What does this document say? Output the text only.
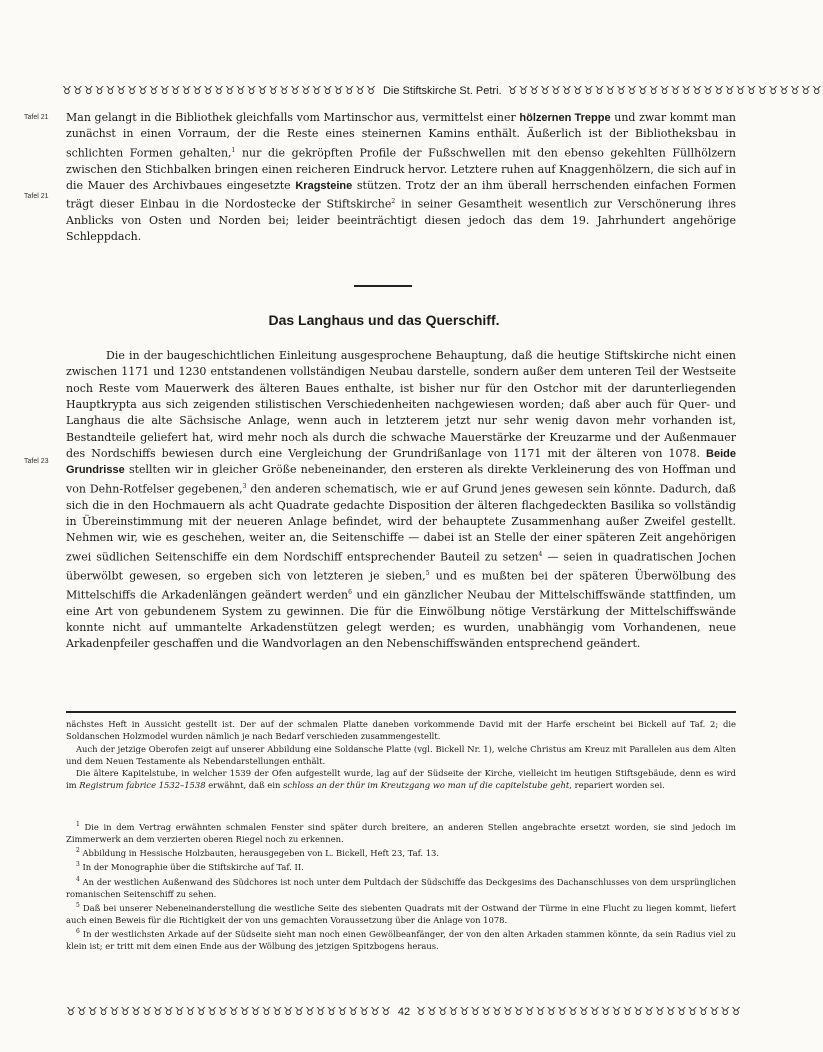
♉♉♉♉♉♉♉♉♉♉♉♉♉♉♉♉♉♉♉♉♉♉♉♉♉♉♉♉♉ Die Stiftskirche St. Petri. ♉♉♉♉♉♉♉♉♉♉♉♉♉♉♉♉♉♉♉♉♉♉♉♉♉♉♉♉♉
Tafel 21
Tafel 21
Tafel 23
Man gelangt in die Bibliothek gleichfalls vom Martinschor aus, vermittelst einer hölzernen Treppe und zwar kommt man zunächst in einen Vorraum, der die Reste eines steinernen Kamins enthält. Äußerlich ist der Bibliotheksbau in schlichten Formen gehalten,$^1$ nur die gekröpften Profile der Fußschwellen mit den ebenso gekehlten Füllhölzern zwischen den Stichbalken bringen einen reicheren Eindruck hervor. Letztere ruhen auf Knaggenhölzern, die sich auf in die Mauer des Archivbaues eingesetzte Kragsteine stützen. Trotz der an ihm überall herrschenden einfachen Formen trägt dieser Einbau in die Nordostecke der Stiftskirche$^2$ in seiner Gesamtheit wesentlich zur Verschönerung ihres Anblicks von Osten und Norden bei; leider beeinträchtigt diesen jedoch das dem 19. Jahrhundert angehörige Schleppdach.
Das Langhaus und das Querschiff.
Die in der baugeschichtlichen Einleitung ausgesprochene Behauptung, daß die heutige Stiftskirche nicht einen zwischen 1171 und 1230 entstandenen vollständigen Neubau darstelle, sondern außer dem unteren Teil der Westseite noch Reste vom Mauerwerk des älteren Baues enthalte, ist bisher nur für den Ostchor mit der darunterliegenden Hauptkrypta aus sich zeigenden stilistischen Verschiedenheiten nachgewiesen worden; daß aber auch für Quer- und Langhaus die alte Sächsische Anlage, wenn auch in letzterem jetzt nur sehr wenig davon mehr vorhanden ist, Bestandteile geliefert hat, wird mehr noch als durch die schwache Mauerstärke der Kreuzarme und der Außenmauer des Nordschiffs bewiesen durch eine Vergleichung der Grundrißanlage von 1171 mit der älteren von 1078. Beide Grundrisse stellten wir in gleicher Größe nebeneinander, den ersteren als direkte Verkleinerung des von Hoffman und von Dehn-Rotfelser gegebenen,$^3$ den anderen schematisch, wie er auf Grund jenes gewesen sein könnte. Dadurch, daß sich die in den Hochmauern als acht Quadrate gedachte Disposition der älteren flachgedeckten Basilika so vollständig in Übereinstimmung mit der neueren Anlage befindet, wird der behauptete Zusammenhang außer Zweifel gestellt. Nehmen wir, wie es geschehen, weiter an, die Seitenschiffe — dabei ist an Stelle der einer späteren Zeit angehörigen zwei südlichen Seitenschiffe ein dem Nordschiff entsprechender Bauteil zu setzen$^4$ — seien in quadratischen Jochen überwölbt gewesen, so ergeben sich von letzteren je sieben,$^5$ und es mußten bei der späteren Überwölbung des Mittelschiffs die Arkadenlängen geändert werden$^6$ und ein gänzlicher Neubau der Mittelschiffswände stattfinden, um eine Art von gebundenem System zu gewinnen. Die für die Einwölbung nötige Verstärkung der Mittelschiffswände konnte nicht auf ummantelte Arkadenstützen gelegt werden; es wurden, unabhängig vom Vorhandenen, neue Arkadenpfeiler geschaffen und die Wandvorlagen an den Nebenschiffswänden entsprechend geändert.

nächstes Heft in Aussicht gestellt ist. Der auf der schmalen Platte daneben vorkommende David mit der Harfe erscheint bei Bickell auf Taf. 2; die Soldanschen Holzmodel wurden nämlich je nach Bedarf verschieden zusammengestellt.

Auch der jetzige Oberofen zeigt auf unserer Abbildung eine Soldansche Platte (vgl. Bickell Nr. 1), welche Christus am Kreuz mit Parallelen aus dem Alten und dem Neuen Testamente als Nebendarstellungen enthält.

Die ältere Kapitelstube, in welcher 1539 der Ofen aufgestellt wurde, lag auf der Südseite der Kirche, vielleicht im heutigen Stiftsgebäude, denn es wird im Registrum fabrice 1532–1538 erwähnt, daß ein schloss an der thür im Kreutzgang wo man uf die capitelstube geht, repariert worden sei.

$^1$ Die in dem Vertrag erwähnten schmalen Fenster sind später durch breitere, an anderen Stellen angebrachte ersetzt worden, sie sind jedoch im Zimmerwerk an dem verzierten oberen Riegel noch zu erkennen.

$^2$ Abbildung in Hessische Holzbauten, herausgegeben von L. Bickell, Heft 23, Taf. 13.

$^3$ In der Monographie über die Stiftskirche auf Taf. II.

$^4$ An der westlichen Außenwand des Südchores ist noch unter dem Pultdach der Südschiffe das Deckgesims des Dachanschlusses von dem ursprünglichen romanischen Seitenschiff zu sehen.

$^5$ Daß bei unserer Nebeneinanderstellung die westliche Seite des siebenten Quadrats mit der Ostwand der Türme in eine Flucht zu liegen kommt, liefert auch einen Beweis für die Richtigkeit der von uns gemachten Voraussetzung über die Anlage von 1078.

$^6$ In der westlichsten Arkade auf der Südseite sieht man noch einen Gewölbeanfänger, der von den alten Arkaden stammen könnte, da sein Radius viel zu klein ist; er tritt mit dem einen Ende aus der Wölbung des jetzigen Spitzbogens heraus.

♉♉♉♉♉♉♉♉♉♉♉♉♉♉♉♉♉♉♉♉♉♉♉♉♉♉♉♉♉♉ 42 ♉♉♉♉♉♉♉♉♉♉♉♉♉♉♉♉♉♉♉♉♉♉♉♉♉♉♉♉♉♉
